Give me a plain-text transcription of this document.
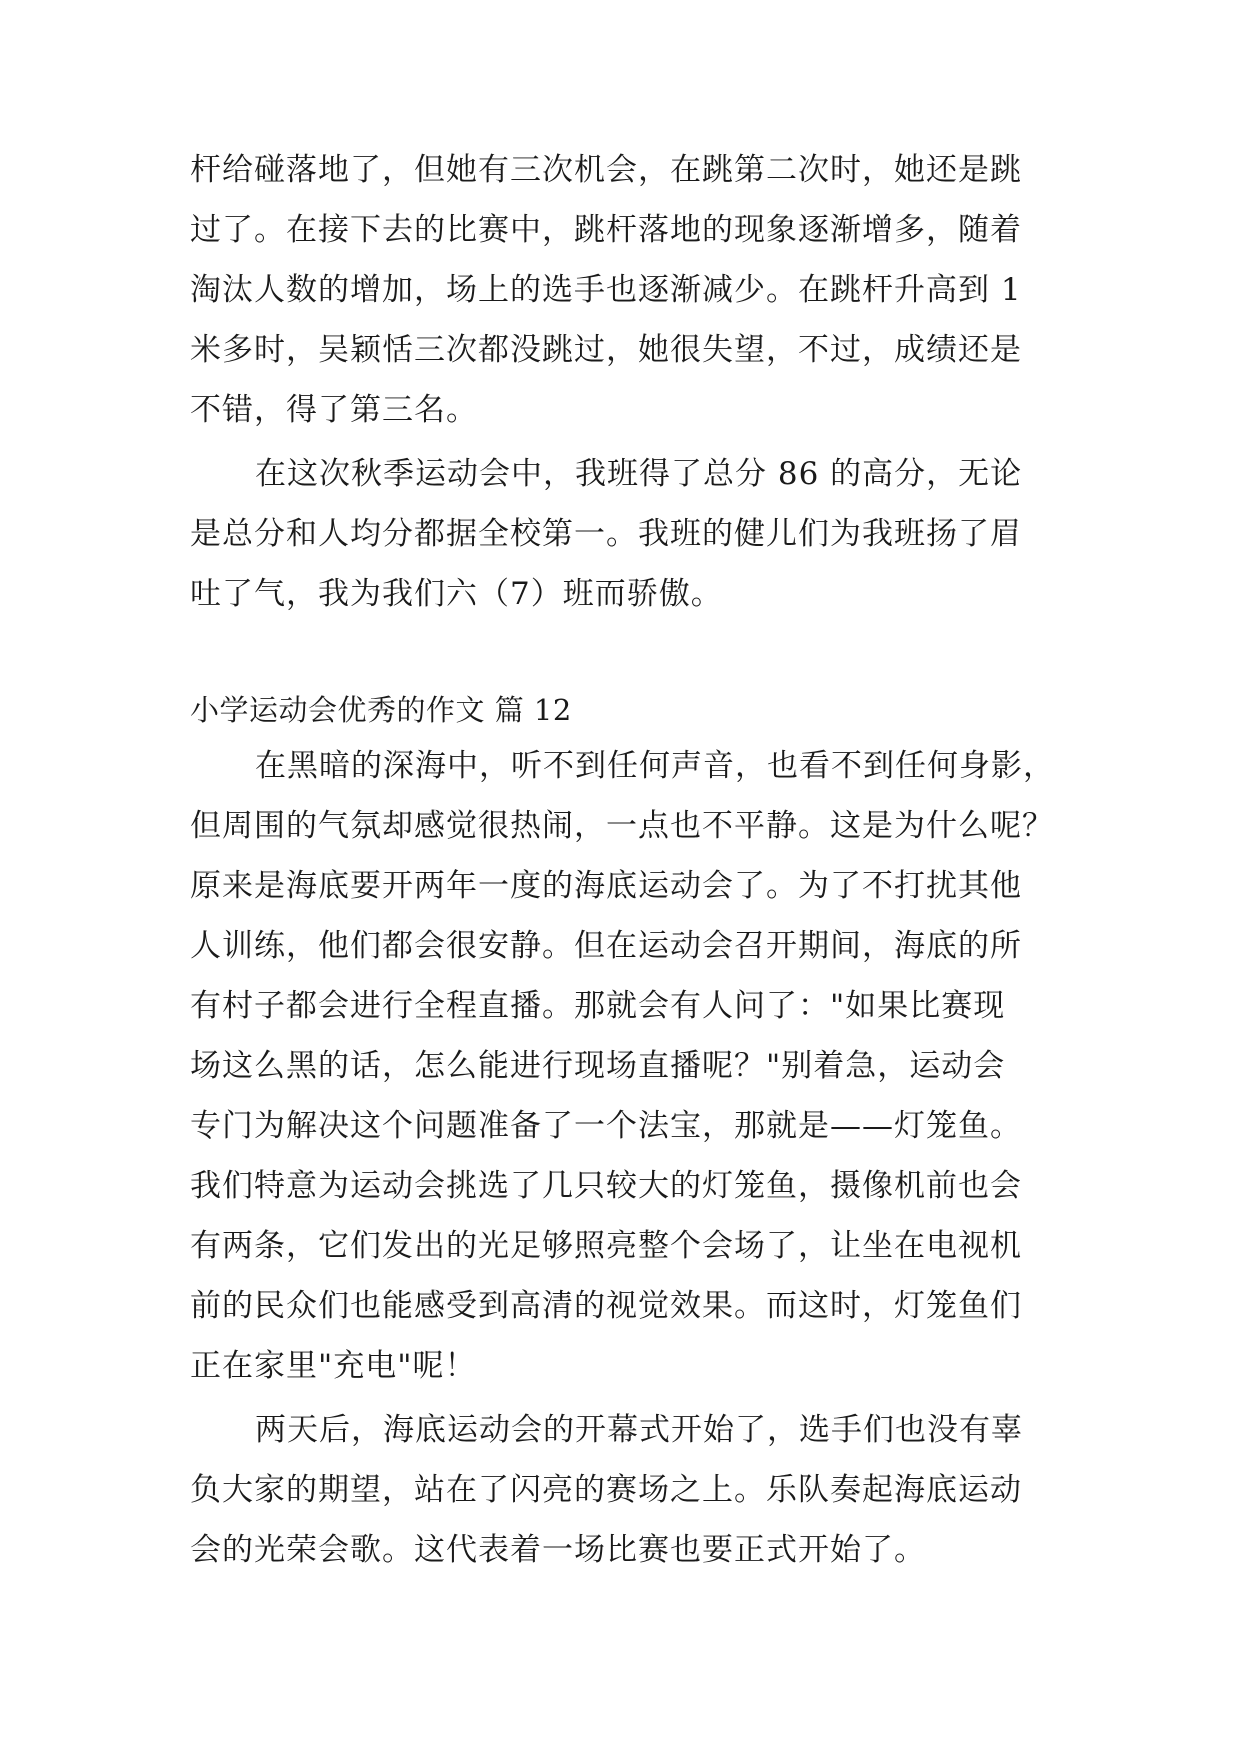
杆给碰落地了，但她有三次机会，在跳第二次时，她还是跳
过了。在接下去的比赛中，跳杆落地的现象逐渐增多，随着
淘汰人数的增加，场上的选手也逐渐减少。在跳杆升高到 1
米多时，吴颖恬三次都没跳过，她很失望，不过，成绩还是
不错，得了第三名。
在这次秋季运动会中，我班得了总分 86 的高分，无论
是总分和人均分都据全校第一。我班的健儿们为我班扬了眉
吐了气，我为我们六（7）班而骄傲。
小学运动会优秀的作文 篇 12
在黑暗的深海中，听不到任何声音，也看不到任何身影，
但周围的气氛却感觉很热闹，一点也不平静。这是为什么呢？
原来是海底要开两年一度的海底运动会了。为了不打扰其他
人训练，他们都会很安静。但在运动会召开期间，海底的所
有村子都会进行全程直播。那就会有人问了："如果比赛现
场这么黑的话，怎么能进行现场直播呢？"别着急，运动会
专门为解决这个问题准备了一个法宝，那就是——灯笼鱼。
我们特意为运动会挑选了几只较大的灯笼鱼，摄像机前也会
有两条，它们发出的光足够照亮整个会场了，让坐在电视机
前的民众们也能感受到高清的视觉效果。而这时，灯笼鱼们
正在家里"充电"呢！
两天后，海底运动会的开幕式开始了，选手们也没有辜
负大家的期望，站在了闪亮的赛场之上。乐队奏起海底运动
会的光荣会歌。这代表着一场比赛也要正式开始了。
